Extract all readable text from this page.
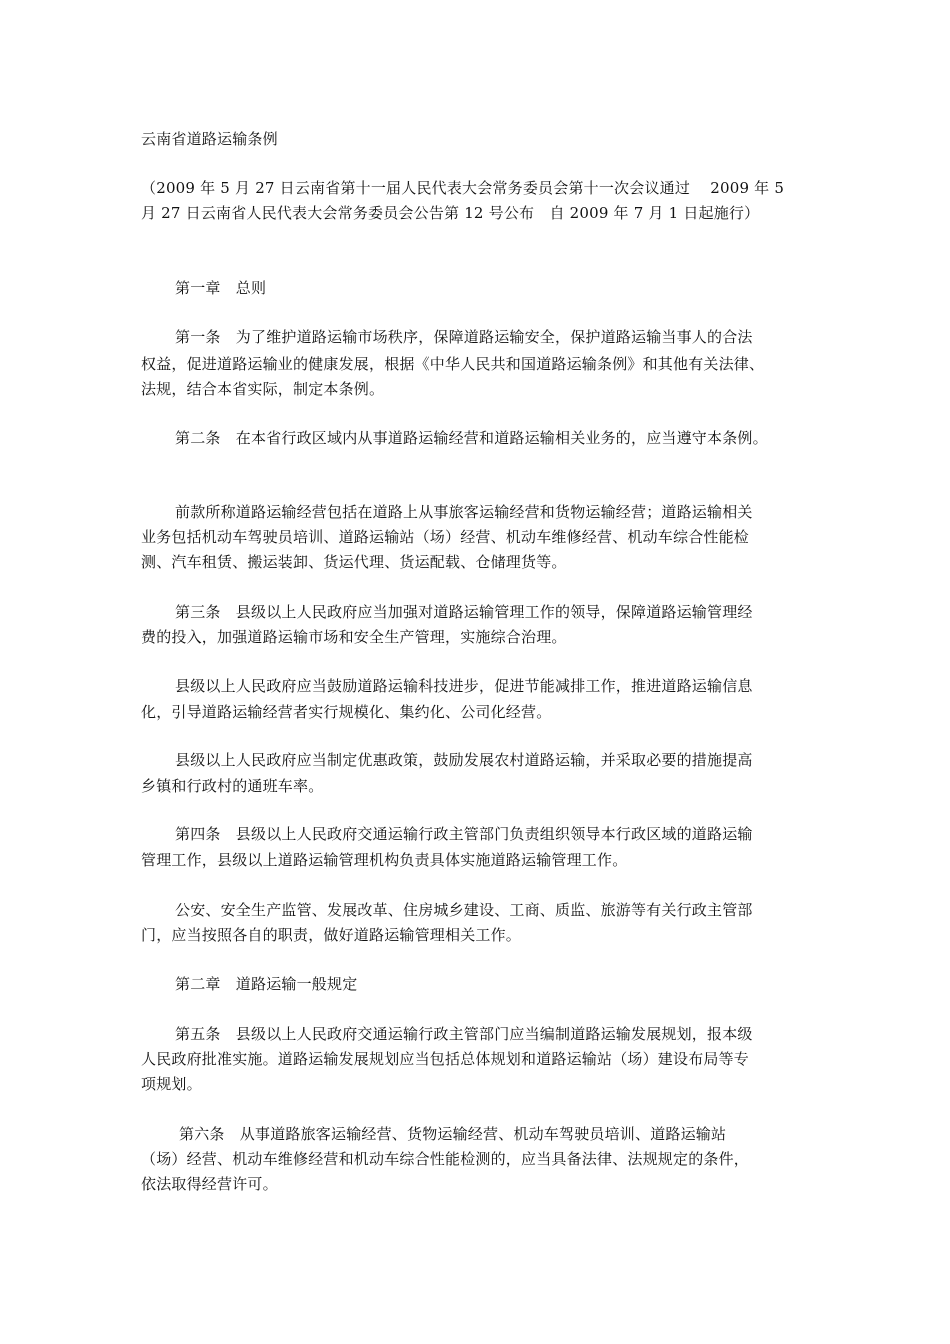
云南省道路运输条例
（2009 年 5 月 27 日云南省第十一届人民代表大会常务委员会第十一次会议通过　 2009 年 5
月 27 日云南省人民代表大会常务委员会公告第 12 号公布　自 2009 年 7 月 1 日起施行）
第一章　总则
第一条　为了维护道路运输市场秩序，保障道路运输安全，保护道路运输当事人的合法
权益，促进道路运输业的健康发展，根据《中华人民共和国道路运输条例》和其他有关法律、
法规，结合本省实际，制定本条例。
第二条　在本省行政区域内从事道路运输经营和道路运输相关业务的，应当遵守本条例。
前款所称道路运输经营包括在道路上从事旅客运输经营和货物运输经营；道路运输相关
业务包括机动车驾驶员培训、道路运输站（场）经营、机动车维修经营、机动车综合性能检
测、汽车租赁、搬运装卸、货运代理、货运配载、仓储理货等。
第三条　县级以上人民政府应当加强对道路运输管理工作的领导，保障道路运输管理经
费的投入，加强道路运输市场和安全生产管理，实施综合治理。
县级以上人民政府应当鼓励道路运输科技进步，促进节能减排工作，推进道路运输信息
化，引导道路运输经营者实行规模化、集约化、公司化经营。
县级以上人民政府应当制定优惠政策，鼓励发展农村道路运输，并采取必要的措施提高
乡镇和行政村的通班车率。
第四条　县级以上人民政府交通运输行政主管部门负责组织领导本行政区域的道路运输
管理工作，县级以上道路运输管理机构负责具体实施道路运输管理工作。
公安、安全生产监管、发展改革、住房城乡建设、工商、质监、旅游等有关行政主管部
门，应当按照各自的职责，做好道路运输管理相关工作。
第二章　道路运输一般规定
第五条　县级以上人民政府交通运输行政主管部门应当编制道路运输发展规划，报本级
人民政府批准实施。道路运输发展规划应当包括总体规划和道路运输站（场）建设布局等专
项规划。
第六条　从事道路旅客运输经营、货物运输经营、机动车驾驶员培训、道路运输站
（场）经营、机动车维修经营和机动车综合性能检测的，应当具备法律、法规规定的条件，
依法取得经营许可。
